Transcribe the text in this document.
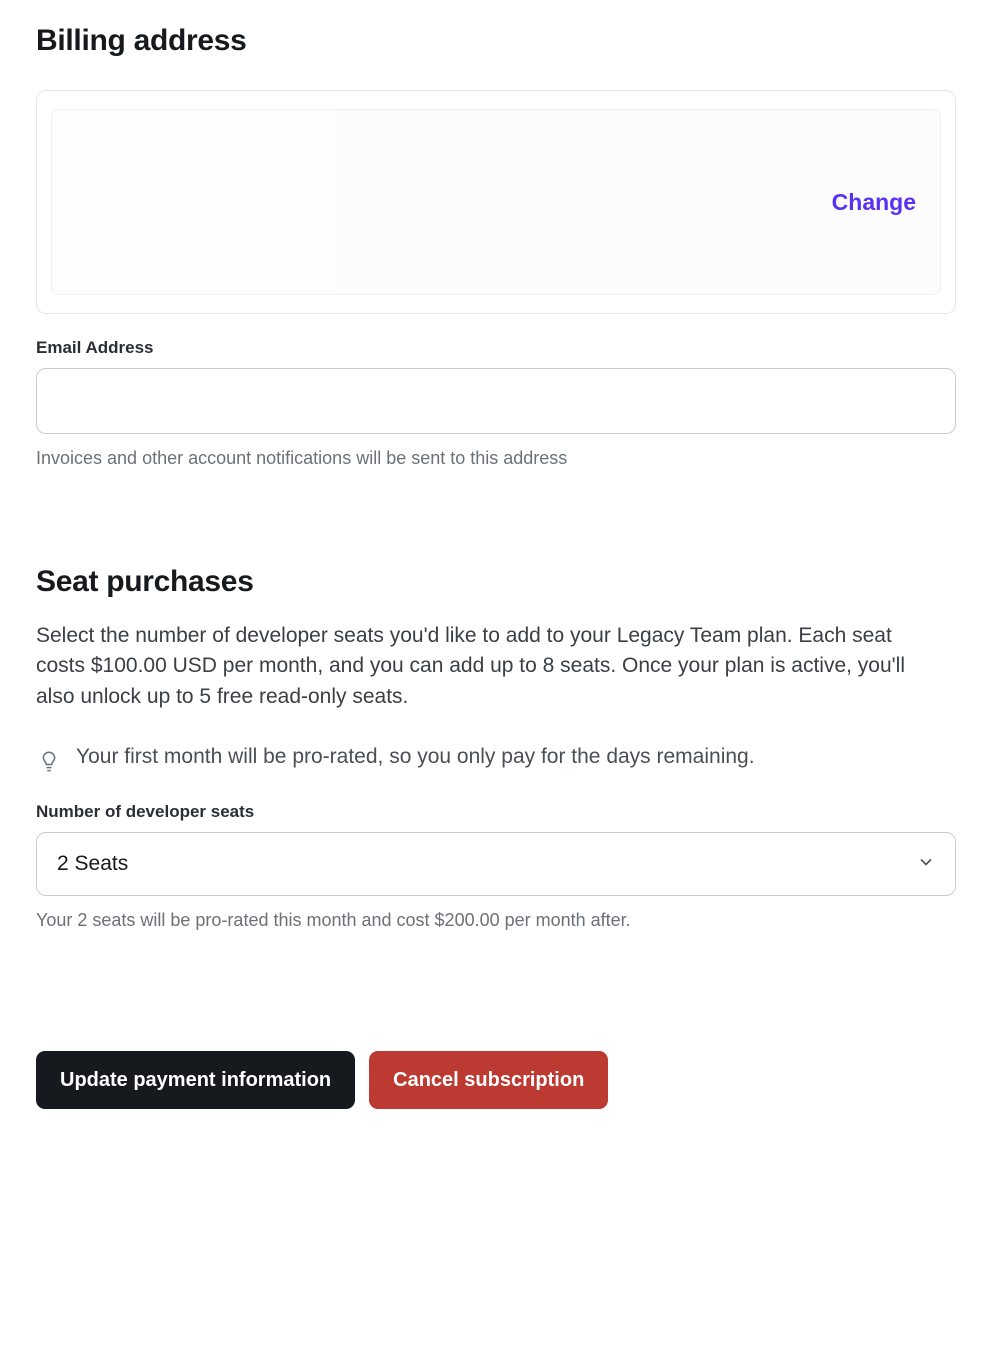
Billing address
Change
Email Address
Invoices and other account notifications will be sent to this address
Seat purchases

Select the number of developer seats you'd like to add to your Legacy Team plan. Each seat costs $100.00 USD per month, and you can add up to 8 seats. Once your plan is active, you'll also unlock up to 5 free read-only seats.

Your first month will be pro-rated, so you only pay for the days remaining.
Number of developer seats
2 Seats
Your 2 seats will be pro-rated this month and cost $200.00 per month after.
Update payment information	Cancel subscription
